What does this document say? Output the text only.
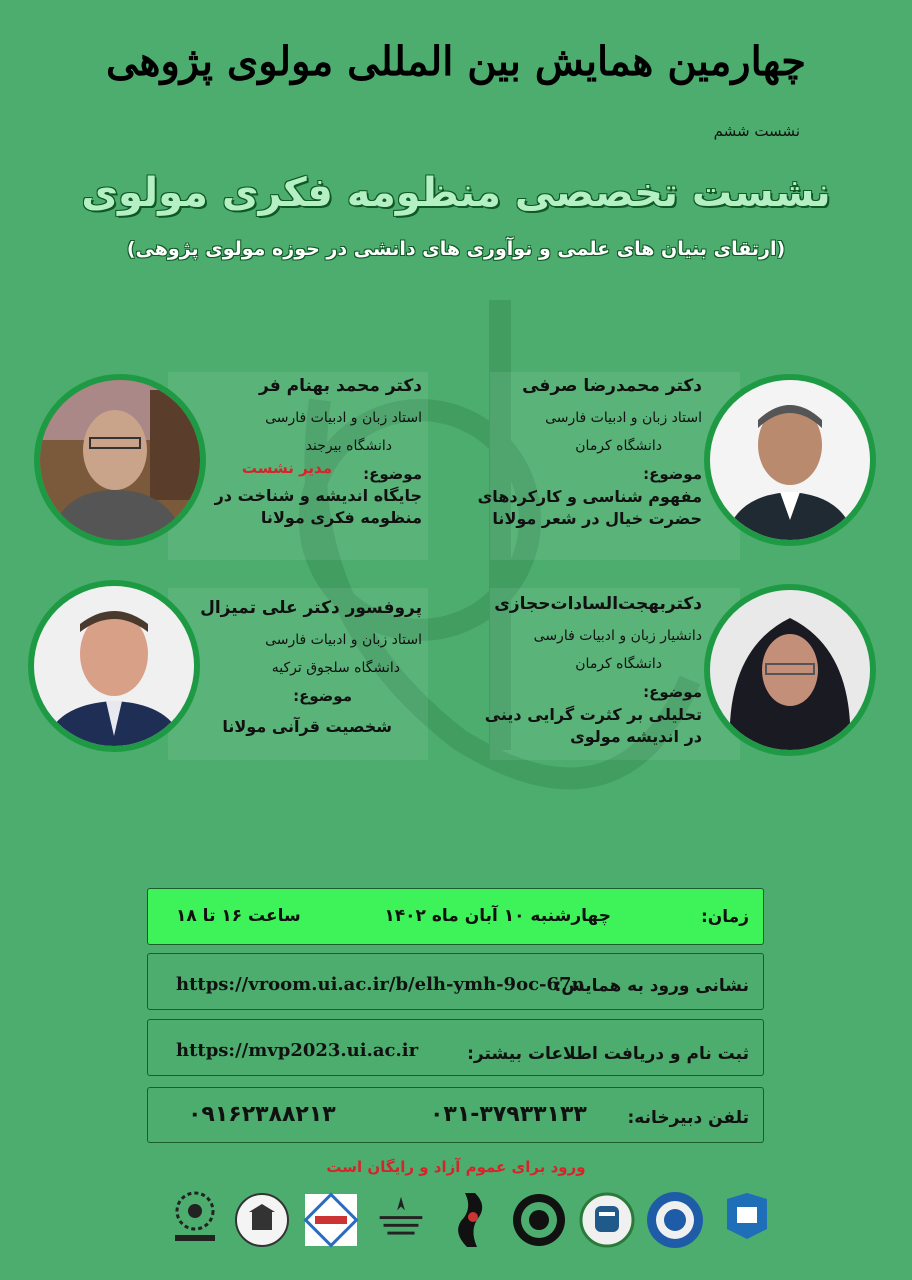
چهارمین همایش بین المللی مولوی پژوهی
نشست ششم
نشست تخصصی منظومه فکری مولوی
(ارتقای بنیان های علمی و نوآوری های دانشی در حوزه مولوی پژوهی)
دکتر محمد بهنام فر
استاد زبان و ادبیات فارسی
دانشگاه بیرجند
موضوع:
مدیر نشست
جایگاه اندیشه و شناخت در منظومه فکری مولانا
دکتر محمدرضا صرفی
استاد زبان و ادبیات فارسی
دانشگاه کرمان
موضوع:
مفهوم شناسی و کارکردهای حضرت خیال در شعر مولانا
پروفسور دکتر علی تمیزال
استاد زبان و ادبیات فارسی
دانشگاه سلجوق ترکیه
موضوع:
شخصیت قرآنی مولانا
دکتربهجت‌السادات‌حجازی
دانشیار زبان و ادبیات فارسی
دانشگاه کرمان
موضوع:
تحلیلی بر کثرت گرایی دینی در اندیشه مولوی
زمان:
چهارشنبه ۱۰ آبان ماه ۱۴۰۲
ساعت ۱۶ تا ۱۸
نشانی ورود به همایش:
https://vroom.ui.ac.ir/b/elh-ymh-9oc-67n
ثبت نام و دریافت اطلاعات بیشتر:
https://mvp2023.ui.ac.ir
تلفن دبیرخانه:
۰۳۱-۳۷۹۳۳۱۳۳
۰۹۱۶۲۳۸۸۲۱۳
ورود برای عموم آزاد و رایگان است
